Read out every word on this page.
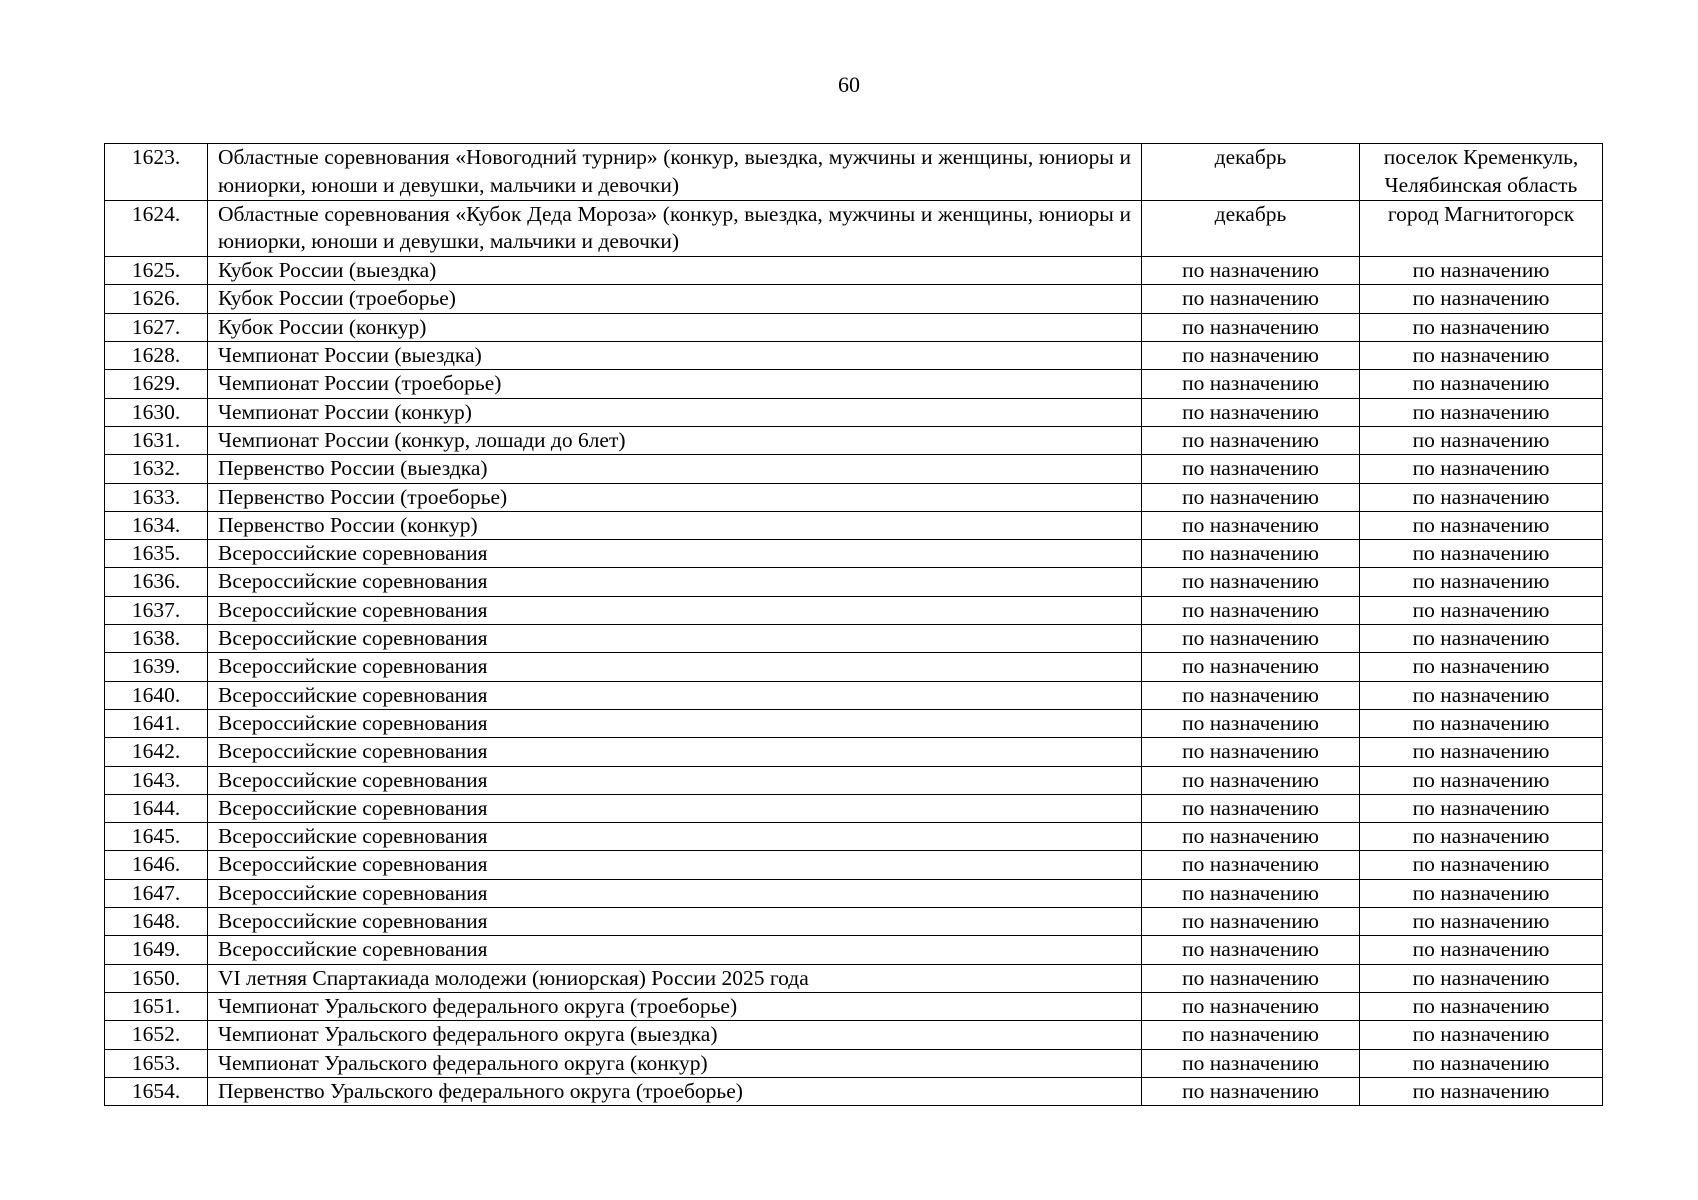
60
1623.	Областные соревнования «Новогодний турнир» (конкур, выездка, мужчины и женщины, юниоры и юниорки, юноши и девушки, мальчики и девочки)	декабрь	поселок Кременкуль, Челябинская область
1624.	Областные соревнования «Кубок Деда Мороза» (конкур, выездка, мужчины и женщины, юниоры и юниорки, юноши и девушки, мальчики и девочки)	декабрь	город Магнитогорск
1625.	Кубок России (выездка)	по назначению	по назначению
1626.	Кубок России (троеборье)	по назначению	по назначению
1627.	Кубок России (конкур)	по назначению	по назначению
1628.	Чемпионат России (выездка)	по назначению	по назначению
1629.	Чемпионат России (троеборье)	по назначению	по назначению
1630.	Чемпионат России (конкур)	по назначению	по назначению
1631.	Чемпионат России (конкур, лошади до 6лет)	по назначению	по назначению
1632.	Первенство России (выездка)	по назначению	по назначению
1633.	Первенство России (троеборье)	по назначению	по назначению
1634.	Первенство России (конкур)	по назначению	по назначению
1635.	Всероссийские соревнования	по назначению	по назначению
1636.	Всероссийские соревнования	по назначению	по назначению
1637.	Всероссийские соревнования	по назначению	по назначению
1638.	Всероссийские соревнования	по назначению	по назначению
1639.	Всероссийские соревнования	по назначению	по назначению
1640.	Всероссийские соревнования	по назначению	по назначению
1641.	Всероссийские соревнования	по назначению	по назначению
1642.	Всероссийские соревнования	по назначению	по назначению
1643.	Всероссийские соревнования	по назначению	по назначению
1644.	Всероссийские соревнования	по назначению	по назначению
1645.	Всероссийские соревнования	по назначению	по назначению
1646.	Всероссийские соревнования	по назначению	по назначению
1647.	Всероссийские соревнования	по назначению	по назначению
1648.	Всероссийские соревнования	по назначению	по назначению
1649.	Всероссийские соревнования	по назначению	по назначению
1650.	VI летняя Спартакиада молодежи (юниорская) России 2025 года	по назначению	по назначению
1651.	Чемпионат Уральского федерального округа (троеборье)	по назначению	по назначению
1652.	Чемпионат Уральского федерального округа (выездка)	по назначению	по назначению
1653.	Чемпионат Уральского федерального округа (конкур)	по назначению	по назначению
1654.	Первенство Уральского федерального округа (троеборье)	по назначению	по назначению
